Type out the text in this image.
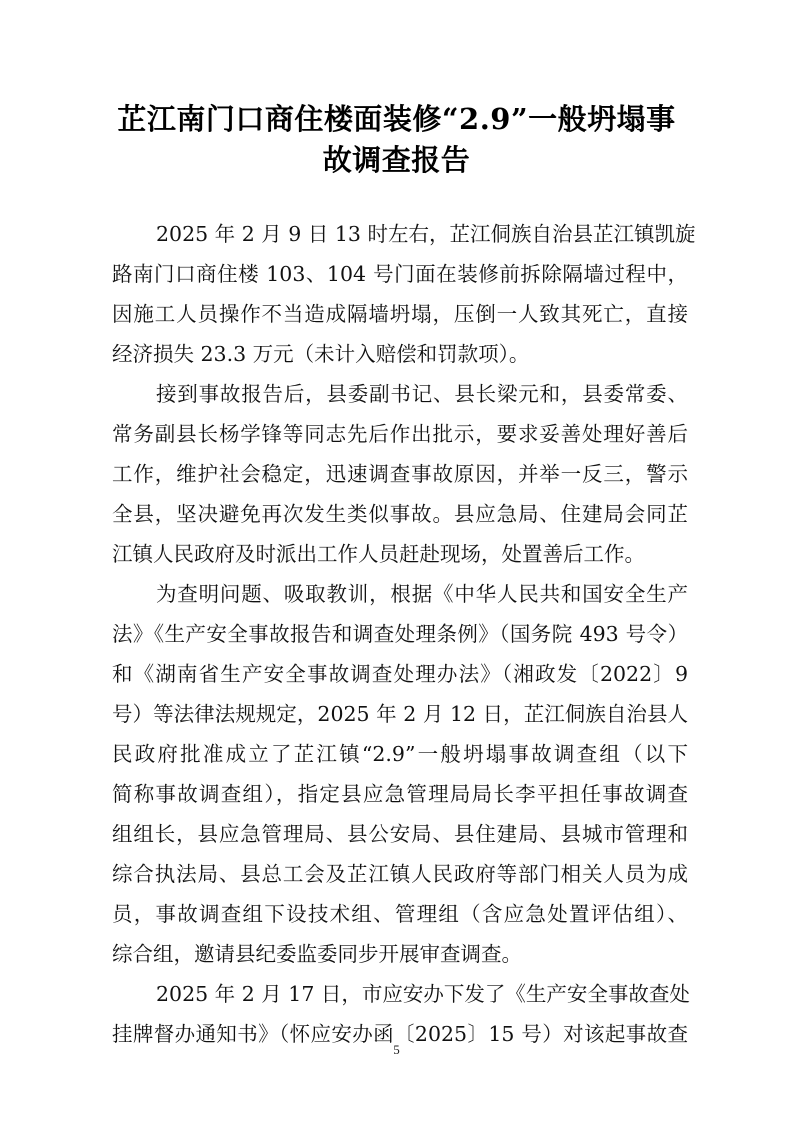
芷江南门口商住楼面装修“2.9”一般坍塌事
故调查报告
2025 年 2 月 9 日 13 时左右，芷江侗族自治县芷江镇凯旋
路南门口商住楼 103、104 号门面在装修前拆除隔墙过程中，
因施工人员操作不当造成隔墙坍塌，压倒一人致其死亡，直接
经济损失 23.3 万元（未计入赔偿和罚款项）。
接到事故报告后，县委副书记、县长梁元和，县委常委、
常务副县长杨学锋等同志先后作出批示，要求妥善处理好善后
工作，维护社会稳定，迅速调查事故原因，并举一反三，警示
全县，坚决避免再次发生类似事故。县应急局、住建局会同芷
江镇人民政府及时派出工作人员赶赴现场，处置善后工作。
为查明问题、吸取教训，根据《中华人民共和国安全生产
法》《生产安全事故报告和调查处理条例》（国务院 493 号令）
和《湖南省生产安全事故调查处理办法》（湘政发〔2022〕9
号）等法律法规规定，2025 年 2 月 12 日，芷江侗族自治县人
民政府批准成立了芷江镇“2.9”一般坍塌事故调查组（以下
简称事故调查组），指定县应急管理局局长李平担任事故调查
组组长，县应急管理局、县公安局、县住建局、县城市管理和
综合执法局、县总工会及芷江镇人民政府等部门相关人员为成
员，事故调查组下设技术组、管理组（含应急处置评估组）、
综合组，邀请县纪委监委同步开展审查调查。
2025 年 2 月 17 日，市应安办下发了《生产安全事故查处
挂牌督办通知书》（怀应安办函〔2025〕15 号）对该起事故查
5
